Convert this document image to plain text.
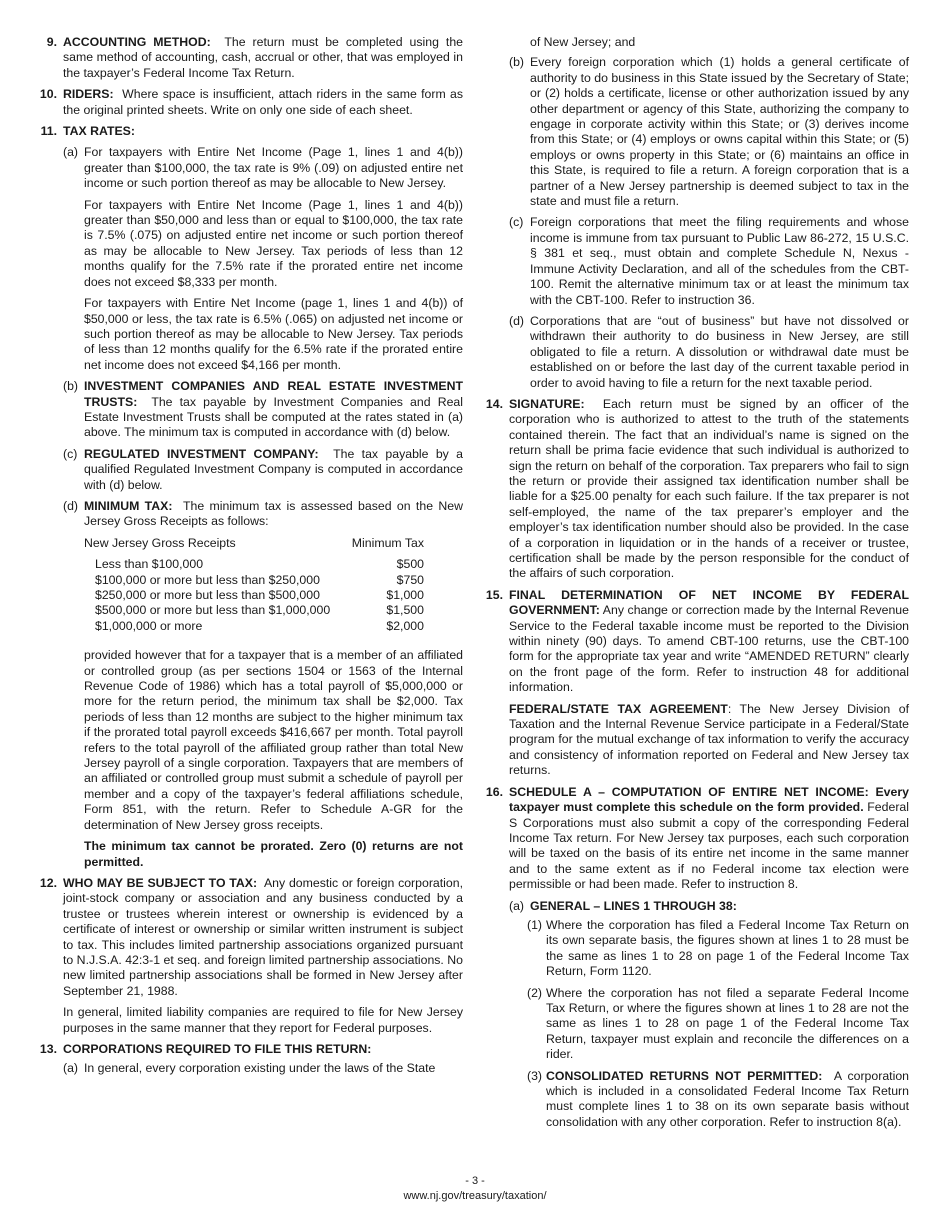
9. ACCOUNTING METHOD: The return must be completed using the same method of accounting, cash, accrual or other, that was employed in the taxpayer’s Federal Income Tax Return.

10. RIDERS: Where space is insufficient, attach riders in the same form as the original printed sheets. Write on only one side of each sheet.

11. TAX RATES:

(a) For taxpayers with Entire Net Income (Page 1, lines 1 and 4(b)) greater than $100,000, the tax rate is 9% (.09) on adjusted entire net income or such portion thereof as may be allocable to New Jersey.

For taxpayers with Entire Net Income (Page 1, lines 1 and 4(b)) greater than $50,000 and less than or equal to $100,000, the tax rate is 7.5% (.075) on adjusted entire net income or such portion thereof as may be allocable to New Jersey. Tax periods of less than 12 months qualify for the 7.5% rate if the prorated entire net income does not exceed $8,333 per month.

For taxpayers with Entire Net Income (page 1, lines 1 and 4(b)) of $50,000 or less, the tax rate is 6.5% (.065) on adjusted net income or such portion thereof as may be allocable to New Jersey. Tax periods of less than 12 months qualify for the 6.5% rate if the prorated entire net income does not exceed $4,166 per month.

(b) INVESTMENT COMPANIES AND REAL ESTATE INVESTMENT TRUSTS: The tax payable by Investment Companies and Real Estate Investment Trusts shall be computed at the rates stated in (a) above. The minimum tax is computed in accordance with (d) below.

(c) REGULATED INVESTMENT COMPANY: The tax payable by a qualified Regulated Investment Company is computed in accordance with (d) below.

(d) MINIMUM TAX: The minimum tax is assessed based on the New Jersey Gross Receipts as follows:

New Jersey Gross Receipts	Minimum Tax
Less than $100,000	$500
$100,000 or more but less than $250,000	$750
$250,000 or more but less than $500,000	$1,000
$500,000 or more but less than $1,000,000	$1,500
$1,000,000 or more	$2,000

provided however that for a taxpayer that is a member of an affiliated or controlled group (as per sections 1504 or 1563 of the Internal Revenue Code of 1986) which has a total payroll of $5,000,000 or more for the return period, the minimum tax shall be $2,000. Tax periods of less than 12 months are subject to the higher minimum tax if the prorated total payroll exceeds $416,667 per month. Total payroll refers to the total payroll of the affiliated group rather than total New Jersey payroll of a single corporation. Taxpayers that are members of an affiliated or controlled group must submit a schedule of payroll per member and a copy of the taxpayer’s federal affiliations schedule, Form 851, with the return. Refer to Schedule A-GR for the determination of New Jersey gross receipts.

The minimum tax cannot be prorated. Zero (0) returns are not permitted.

12. WHO MAY BE SUBJECT TO TAX: Any domestic or foreign corporation, joint-stock company or association and any business conducted by a trustee or trustees wherein interest or ownership is evidenced by a certificate of interest or ownership or similar written instrument is subject to tax. This includes limited partnership associations organized pursuant to N.J.S.A. 42:3-1 et seq. and foreign limited partnership associations. No new limited partnership associations shall be formed in New Jersey after September 21, 1988.

In general, limited liability companies are required to file for New Jersey purposes in the same manner that they report for Federal purposes.

13. CORPORATIONS REQUIRED TO FILE THIS RETURN:

(a) In general, every corporation existing under the laws of the State

of New Jersey; and

(b) Every foreign corporation which (1) holds a general certificate of authority to do business in this State issued by the Secretary of State; or (2) holds a certificate, license or other authorization issued by any other department or agency of this State, authorizing the company to engage in corporate activity within this State; or (3) derives income from this State; or (4) employs or owns capital within this State; or (5) employs or owns property in this State; or (6) maintains an office in this State, is required to file a return. A foreign corporation that is a partner of a New Jersey partnership is deemed subject to tax in the state and must file a return.

(c) Foreign corporations that meet the filing requirements and whose income is immune from tax pursuant to Public Law 86-272, 15 U.S.C. § 381 et seq., must obtain and complete Schedule N, Nexus - Immune Activity Declaration, and all of the schedules from the CBT-100. Remit the alternative minimum tax or at least the minimum tax with the CBT-100. Refer to instruction 36.

(d) Corporations that are “out of business” but have not dissolved or withdrawn their authority to do business in New Jersey, are still obligated to file a return. A dissolution or withdrawal date must be established on or before the last day of the current taxable period in order to avoid having to file a return for the next taxable period.

14. SIGNATURE: Each return must be signed by an officer of the corporation who is authorized to attest to the truth of the statements contained therein. The fact that an individual’s name is signed on the return shall be prima facie evidence that such individual is authorized to sign the return on behalf of the corporation. Tax preparers who fail to sign the return or provide their assigned tax identification number shall be liable for a $25.00 penalty for each such failure. If the tax preparer is not self-employed, the name of the tax preparer’s employer and the employer’s tax identification number should also be provided. In the case of a corporation in liquidation or in the hands of a receiver or trustee, certification shall be made by the person responsible for the conduct of the affairs of such corporation.

15. FINAL DETERMINATION OF NET INCOME BY FEDERAL GOVERNMENT: Any change or correction made by the Internal Revenue Service to the Federal taxable income must be reported to the Division within ninety (90) days. To amend CBT-100 returns, use the CBT-100 form for the appropriate tax year and write “AMENDED RETURN” clearly on the front page of the form. Refer to instruction 48 for additional information.

FEDERAL/STATE TAX AGREEMENT: The New Jersey Division of Taxation and the Internal Revenue Service participate in a Federal/State program for the mutual exchange of tax information to verify the accuracy and consistency of information reported on Federal and New Jersey tax returns.

16. SCHEDULE A – COMPUTATION OF ENTIRE NET INCOME: Every taxpayer must complete this schedule on the form provided. Federal S Corporations must also submit a copy of the corresponding Federal Income Tax return. For New Jersey tax purposes, each such corporation will be taxed on the basis of its entire net income in the same manner and to the same extent as if no Federal income tax election were permissible or had been made. Refer to instruction 8.

(a) GENERAL – LINES 1 THROUGH 38:

(1) Where the corporation has filed a Federal Income Tax Return on its own separate basis, the figures shown at lines 1 to 28 must be the same as lines 1 to 28 on page 1 of the Federal Income Tax Return, Form 1120.

(2) Where the corporation has not filed a separate Federal Income Tax Return, or where the figures shown at lines 1 to 28 are not the same as lines 1 to 28 on page 1 of the Federal Income Tax Return, taxpayer must explain and reconcile the differences on a rider.

(3) CONSOLIDATED RETURNS NOT PERMITTED: A corporation which is included in a consolidated Federal Income Tax Return must complete lines 1 to 38 on its own separate basis without consolidation with any other corporation. Refer to instruction 8(a).

- 3 -
www.nj.gov/treasury/taxation/
